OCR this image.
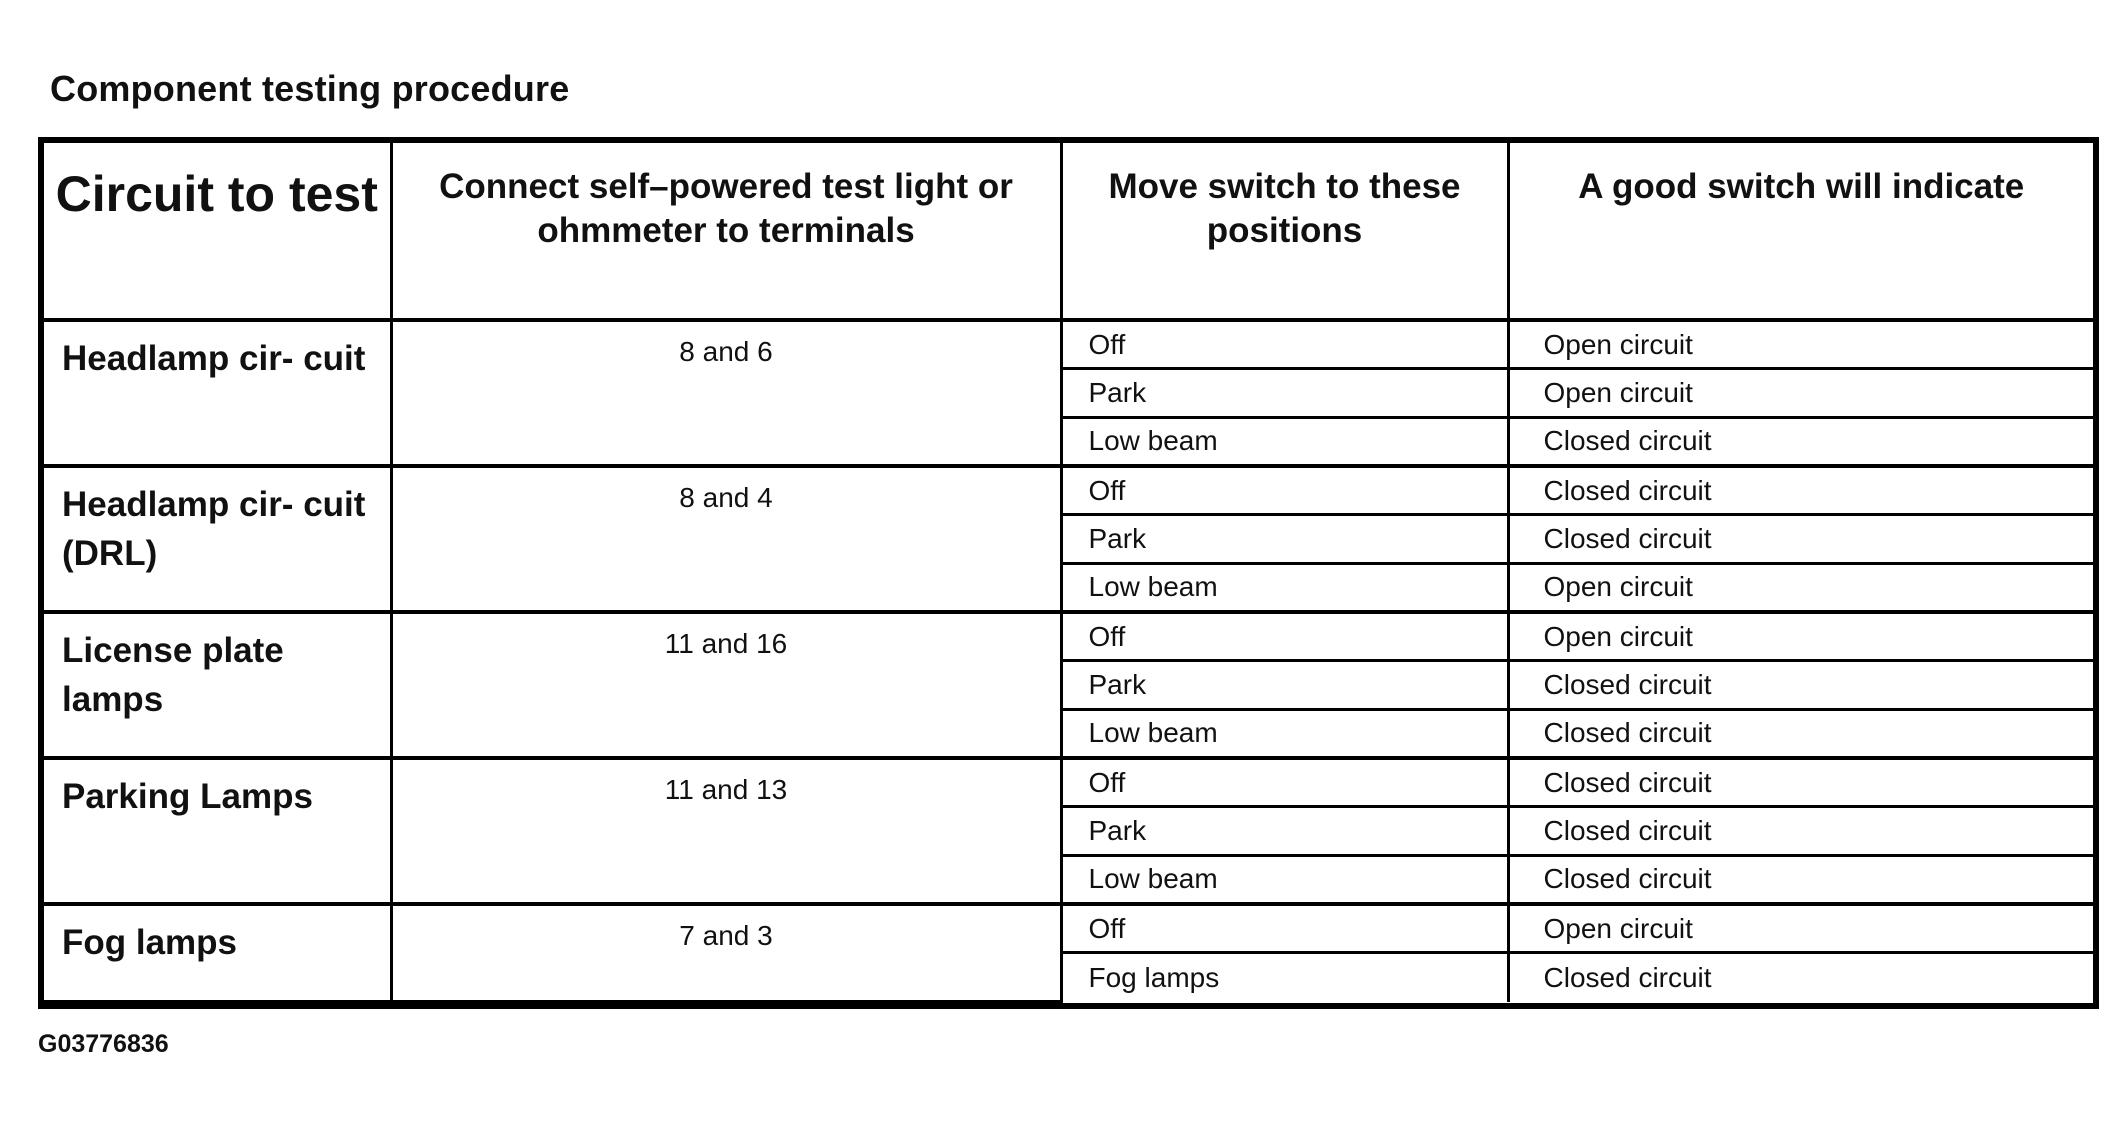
Component testing procedure
Circuit to test	Connect self–powered test light or ohmmeter to terminals	Move switch to these positions	A good switch will indicate
Headlamp cir- cuit	8 and 6	Off	Open circuit
		Park	Open circuit
		Low beam	Closed circuit
Headlamp cir- cuit (DRL)	8 and 4	Off	Closed circuit
		Park	Closed circuit
		Low beam	Open circuit
License plate lamps	11 and 16	Off	Open circuit
		Park	Closed circuit
		Low beam	Closed circuit
Parking Lamps	11 and 13	Off	Closed circuit
		Park	Closed circuit
		Low beam	Closed circuit
Fog lamps	7 and 3	Off	Open circuit
		Fog lamps	Closed circuit
G03776836
